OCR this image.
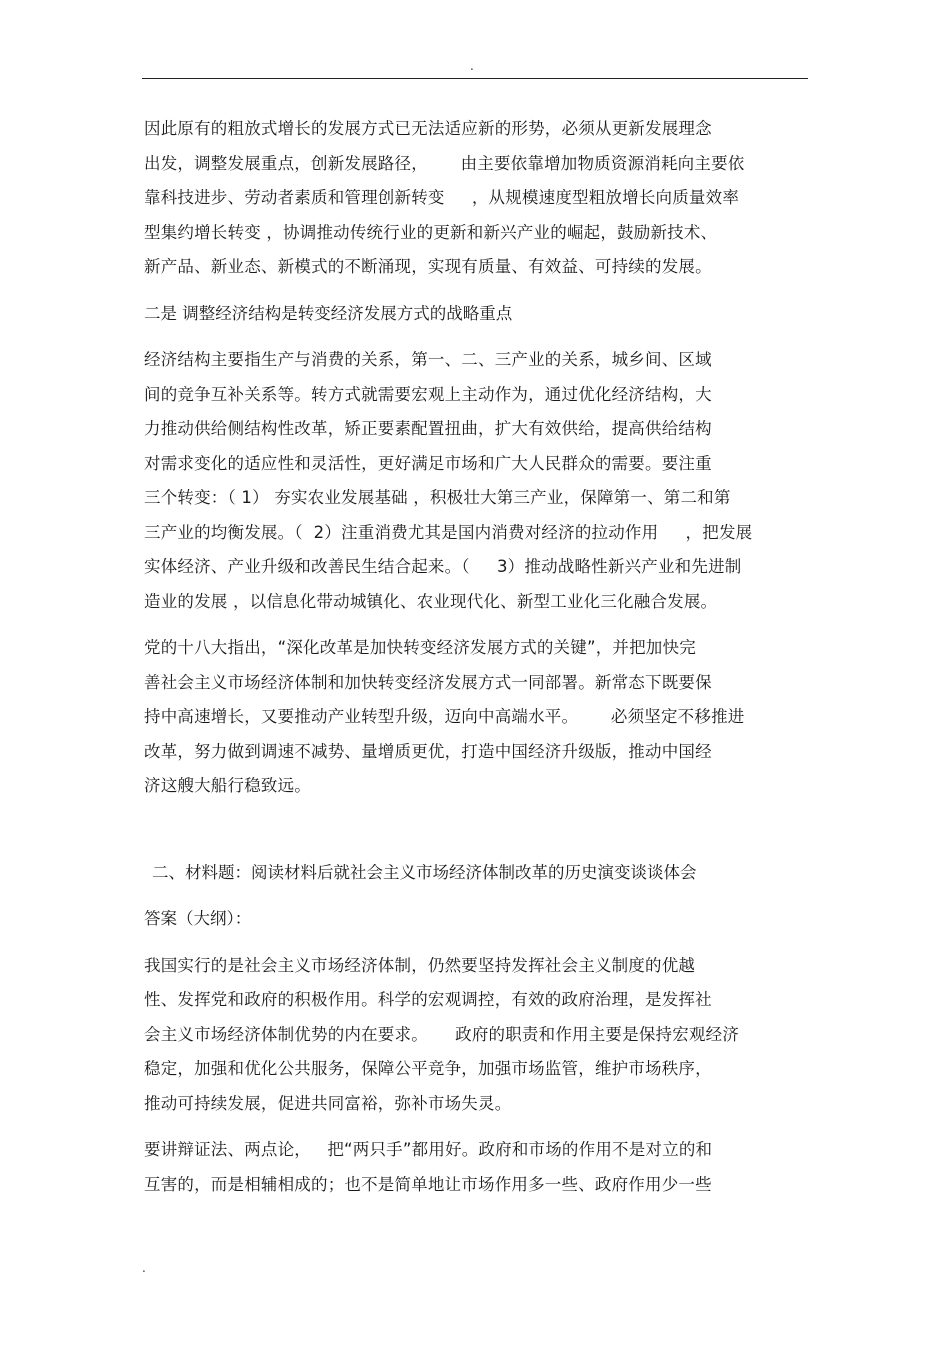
.
因此原有的粗放式增长的发展方式已无法适应新的形势，必须从更新发展理念
出发，调整发展重点，创新发展路径，      由主要依靠增加物质资源消耗向主要依
靠科技进步、劳动者素质和管理创新转变     ，从规模速度型粗放增长向质量效率
型集约增长转变 ，协调推动传统行业的更新和新兴产业的崛起，鼓励新技术、
新产品、新业态、新模式的不断涌现，实现有质量、有效益、可持续的发展。
二是 调整经济结构是转变经济发展方式的战略重点
经济结构主要指生产与消费的关系，第一、二、三产业的关系，城乡间、区域
间的竞争互补关系等。转方式就需要宏观上主动作为，通过优化经济结构，大
力推动供给侧结构性改革，矫正要素配置扭曲，扩大有效供给，提高供给结构
对需求变化的适应性和灵活性，更好满足市场和广大人民群众的需要。要注重
三个转变：（ 1） 夯实农业发展基础 ，积极壮大第三产业，保障第一、第二和第
三产业的均衡发展。（  2）注重消费尤其是国内消费对经济的拉动作用     ，把发展
实体经济、产业升级和改善民生结合起来。（     3）推动战略性新兴产业和先进制
造业的发展 ，以信息化带动城镇化、农业现代化、新型工业化三化融合发展。
党的十八大指出，“深化改革是加快转变经济发展方式的关键”，并把加快完
善社会主义市场经济体制和加快转变经济发展方式一同部署。新常态下既要保
持中高速增长，又要推动产业转型升级，迈向中高端水平。      必须坚定不移推进
改革，努力做到调速不减势、量增质更优，打造中国经济升级版，推动中国经
济这艘大船行稳致远。
二、材料题：阅读材料后就社会主义市场经济体制改革的历史演变谈谈体会
答案（大纲）：
我国实行的是社会主义市场经济体制，仍然要坚持发挥社会主义制度的优越
性、发挥党和政府的积极作用。科学的宏观调控，有效的政府治理，是发挥社
会主义市场经济体制优势的内在要求。     政府的职责和作用主要是保持宏观经济
稳定，加强和优化公共服务，保障公平竞争，加强市场监管，维护市场秩序，
推动可持续发展，促进共同富裕，弥补市场失灵。
要讲辩证法、两点论，   把“两只手”都用好。政府和市场的作用不是对立的和
互害的，而是相辅相成的；也不是简单地让市场作用多一些、政府作用少一些
.
